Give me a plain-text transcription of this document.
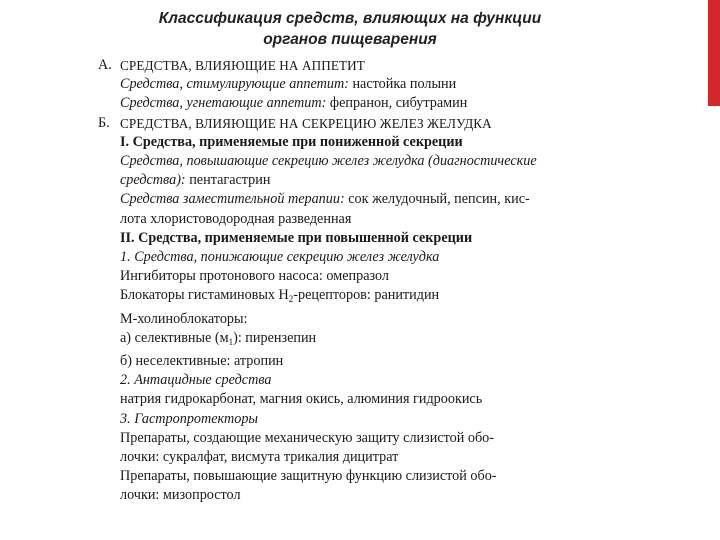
Классификация средств, влияющих на функции
органов пищеварения
А. СРЕДСТВА, ВЛИЯЮЩИЕ НА АППЕТИТ
Средства, стимулирующие аппетит: настойка полыни
Средства, угнетающие аппетит: фепранон, сибутрамин
Б. СРЕДСТВА, ВЛИЯЮЩИЕ НА СЕКРЕЦИЮ ЖЕЛЕЗ ЖЕЛУДКА
I. Средства, применяемые при пониженной секреции
Средства, повышающие секрецию желез желудка (диагностические
средства): пентагастрин
Средства заместительной терапии: сок желудочный, пепсин, кис-
лота хлористоводородная разведенная
II. Средства, применяемые при повышенной секреции
1. Средства, понижающие секрецию желез желудка
Ингибиторы протонового насоса: омепразол
Блокаторы гистаминовых $Н_2$-рецепторов: ранитидин
М-холиноблокаторы:
а) селективные $(м_1)$: пирензепин
б) неселективные: атропин
2. Антацидные средства
натрия гидрокарбонат, магния окись, алюминия гидроокись
3. Гастропротекторы
Препараты, создающие механическую защиту слизистой обо-
лочки: сукралфат, висмута трикалия дицитрат
Препараты, повышающие защитную функцию слизистой обо-
лочки: мизопростол
